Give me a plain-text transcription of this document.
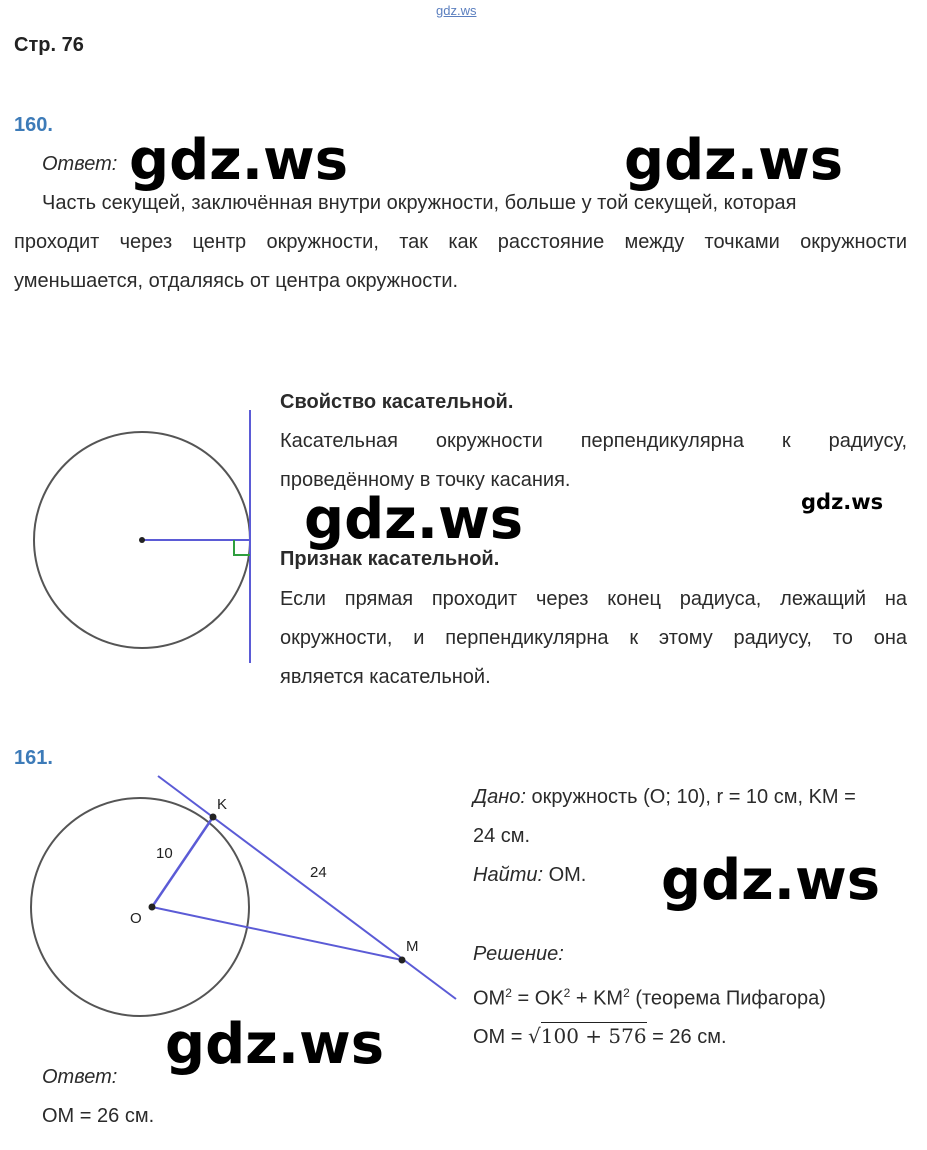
gdz.ws
Стр. 76
160.
Ответ:
Часть секущей, заключённая внутри окружности, больше у той секущей, которая
проходит через центр окружности, так как расстояние между точками окружности
уменьшается, отдаляясь от центра окружности.
Свойство касательной.
Касательная окружности перпендикулярна к радиусу,
проведённому в точку касания.
Признак касательной.
Если прямая проходит через конец радиуса, лежащий на
окружности, и перпендикулярна к этому радиусу, то она
является касательной.
161.
K
O
M
10
24
Дано: окружность (O; 10), r = 10 см, KM =
24 см.
Найти: OM.
Решение:
$OM^2 = OK^2 + KM^2$ (теорема Пифагора)
OM = √100 + 576 = 26 см.
Ответ:
OM = 26 см.
gdz.ws	gdz.ws
gdz.ws	gdz.ws
gdz.ws
gdz.ws
